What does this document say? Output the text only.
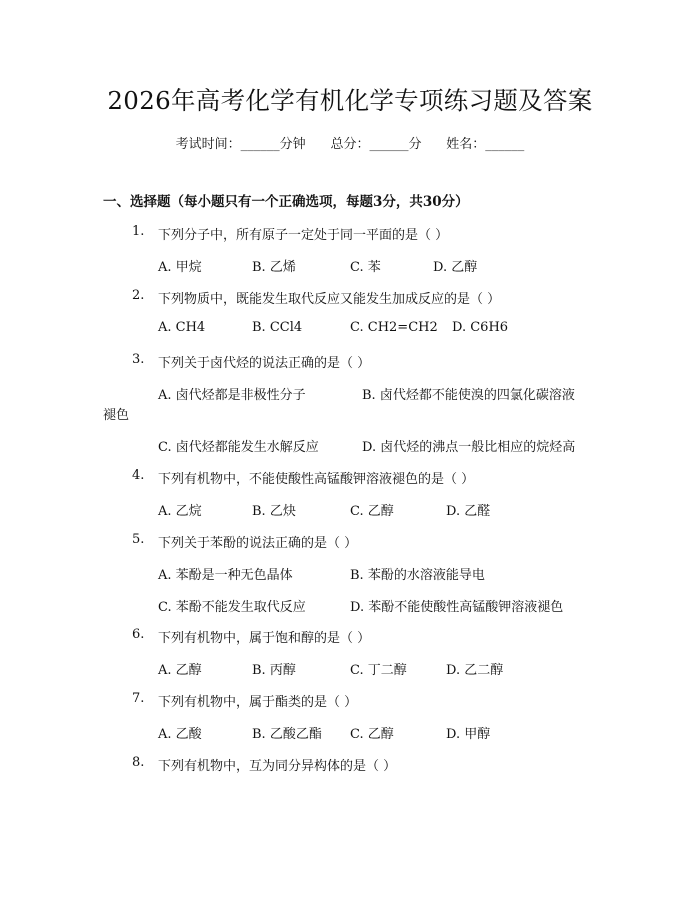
2026年高考化学有机化学专项练习题及答案
考试时间：______分钟 总分：______分 姓名：______
一、选择题（每小题只有一个正确选项，每题3分，共30分）
1. 下列分子中，所有原子一定处于同一平面的是（ ）
A. 甲烷	B. 乙烯	C. 苯	D. 乙醇
2. 下列物质中，既能发生取代反应又能发生加成反应的是（ ）
A. CH4	B. CCl4	C. CH2=CH2 D. C6H6
3. 下列关于卤代烃的说法正确的是（ ）
A. 卤代烃都是非极性分子	B. 卤代烃都不能使溴的四氯化碳溶液
褪色
C. 卤代烃都能发生水解反应	D. 卤代烃的沸点一般比相应的烷烃高
4. 下列有机物中，不能使酸性高锰酸钾溶液褪色的是（ ）
A. 乙烷	B. 乙炔	C. 乙醇	D. 乙醛
5. 下列关于苯酚的说法正确的是（ ）
A. 苯酚是一种无色晶体	B. 苯酚的水溶液能导电
C. 苯酚不能发生取代反应	D. 苯酚不能使酸性高锰酸钾溶液褪色
6. 下列有机物中，属于饱和醇的是（ ）
A. 乙醇	B. 丙醇	C. 丁二醇	D. 乙二醇
7. 下列有机物中，属于酯类的是（ ）
A. 乙酸	B. 乙酸乙酯 C. 乙醇	D. 甲醇
8. 下列有机物中，互为同分异构体的是（ ）
